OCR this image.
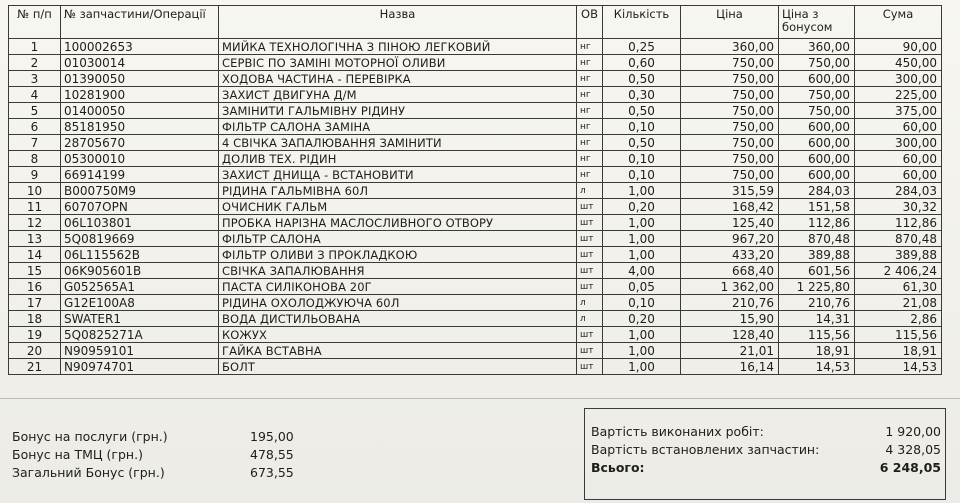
№ п/п	№ запчастини/Операції	Назва	ОВ	Кількість	Ціна	Ціна з бонусом	Сума
1	100002653	МИЙКА ТЕХНОЛОГІЧНА З ПІНОЮ ЛЕГКОВИЙ	нг	0,25	360,00	360,00	90,00
2	01030014	СЕРВІС ПО ЗАМІНІ МОТОРНОЇ ОЛИВИ	нг	0,60	750,00	750,00	450,00
3	01390050	ХОДОВА ЧАСТИНА - ПЕРЕВІРКА	нг	0,50	750,00	600,00	300,00
4	10281900	ЗАХИСТ ДВИГУНА Д/М	нг	0,30	750,00	750,00	225,00
5	01400050	ЗАМІНИТИ ГАЛЬМІВНУ РІДИНУ	нг	0,50	750,00	750,00	375,00
6	85181950	ФІЛЬТР САЛОНА ЗАМІНА	нг	0,10	750,00	600,00	60,00
7	28705670	4 СВІЧКА ЗАПАЛЮВАННЯ ЗАМІНИТИ	нг	0,50	750,00	600,00	300,00
8	05300010	ДОЛИВ ТЕХ. РІДИН	нг	0,10	750,00	600,00	60,00
9	66914199	ЗАХИСТ ДНИЩА - ВСТАНОВИТИ	нг	0,10	750,00	600,00	60,00
10	B000750M9	РІДИНА ГАЛЬМІВНА 60Л	л	1,00	315,59	284,03	284,03
11	60707OPN	ОЧИСНИК ГАЛЬМ	шт	0,20	168,42	151,58	30,32
12	06L103801	ПРОБКА НАРІЗНА МАСЛОСЛИВНОГО ОТВОРУ	шт	1,00	125,40	112,86	112,86
13	5Q0819669	ФІЛЬТР САЛОНА	шт	1,00	967,20	870,48	870,48
14	06L115562B	ФІЛЬТР ОЛИВИ З ПРОКЛАДКОЮ	шт	1,00	433,20	389,88	389,88
15	06K905601B	СВІЧКА ЗАПАЛЮВАННЯ	шт	4,00	668,40	601,56	2 406,24
16	G052565A1	ПАСТА СИЛІКОНОВА 20Г	шт	0,05	1 362,00	1 225,80	61,30
17	G12E100A8	РІДИНА ОХОЛОДЖУЮЧА 60Л	л	0,10	210,76	210,76	21,08
18	SWATER1	ВОДА ДИСТИЛЬОВАНА	л	0,20	15,90	14,31	2,86
19	5Q0825271A	КОЖУХ	шт	1,00	128,40	115,56	115,56
20	N90959101	ГАЙКА ВСТАВНА	шт	1,00	21,01	18,91	18,91
21	N90974701	БОЛТ	шт	1,00	16,14	14,53	14,53
Бонус на послуги (грн.)	195,00
Бонус на ТМЦ (грн.)	478,55
Загальний Бонус (грн.)	673,55
Вартість виконаних робіт:	1 920,00
Вартість встановлених запчастин:	4 328,05
Всього:	6 248,05
